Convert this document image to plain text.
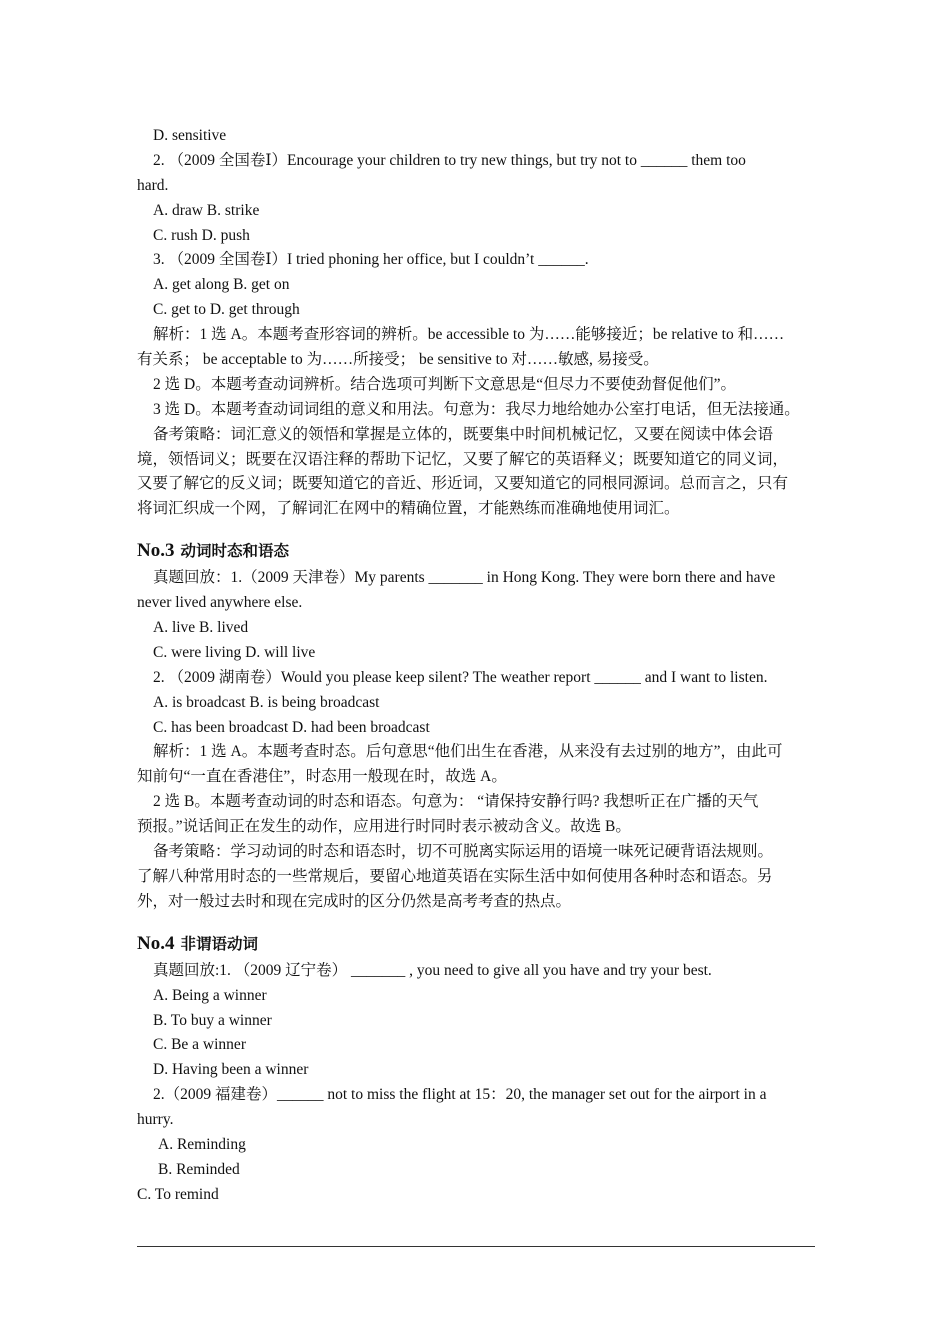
D. sensitive
2. （2009 全国卷Ⅰ）Encourage your children to try new things, but try not to ______ them too
hard.
A. draw B. strike
C. rush D. push
3. （2009 全国卷Ⅰ）I tried phoning her office, but I couldn’t ______.
A. get along B. get on
C. get to D. get through
解析：1 选 A。本题考查形容词的辨析。be accessible to 为……能够接近；be relative to 和……
有关系； be acceptable to 为……所接受； be sensitive to 对……敏感, 易接受。
2 选 D。本题考查动词辨析。结合选项可判断下文意思是“但尽力不要使劲督促他们”。
3 选 D。本题考查动词词组的意义和用法。句意为：我尽力地给她办公室打电话，但无法接通。
备考策略：词汇意义的领悟和掌握是立体的，既要集中时间机械记忆，又要在阅读中体会语
境，领悟词义；既要在汉语注释的帮助下记忆，又要了解它的英语释义；既要知道它的同义词，
又要了解它的反义词；既要知道它的音近、形近词，又要知道它的同根同源词。总而言之，只有
将词汇织成一个网，了解词汇在网中的精确位置，才能熟练而准确地使用词汇。
No.3 动词时态和语态
真题回放：1.（2009 天津卷）My parents _______ in Hong Kong. They were born there and have
never lived anywhere else.
A. live B. lived
C. were living D. will live
2. （2009 湖南卷）Would you please keep silent? The weather report ______ and I want to listen.
A. is broadcast B. is being broadcast
C. has been broadcast D. had been broadcast
解析：1 选 A。本题考查时态。后句意思“他们出生在香港，从来没有去过别的地方”，由此可
知前句“一直在香港住”，时态用一般现在时，故选 A。
2 选 B。本题考查动词的时态和语态。句意为： “请保持安静行吗? 我想听正在广播的天气
预报。”说话间正在发生的动作，应用进行时同时表示被动含义。故选 B。
备考策略：学习动词的时态和语态时，切不可脱离实际运用的语境一味死记硬背语法规则。
了解八种常用时态的一些常规后，要留心地道英语在实际生活中如何使用各种时态和语态。另
外，对一般过去时和现在完成时的区分仍然是高考考查的热点。
No.4 非谓语动词
真题回放:1. （2009 辽宁卷） _______ , you need to give all you have and try your best.
A. Being a winner
B. To buy a winner
C. Be a winner
D. Having been a winner
2.（2009 福建卷）______ not to miss the flight at 15：20, the manager set out for the airport in a
hurry.
A. Reminding
B. Reminded
C. To remind
